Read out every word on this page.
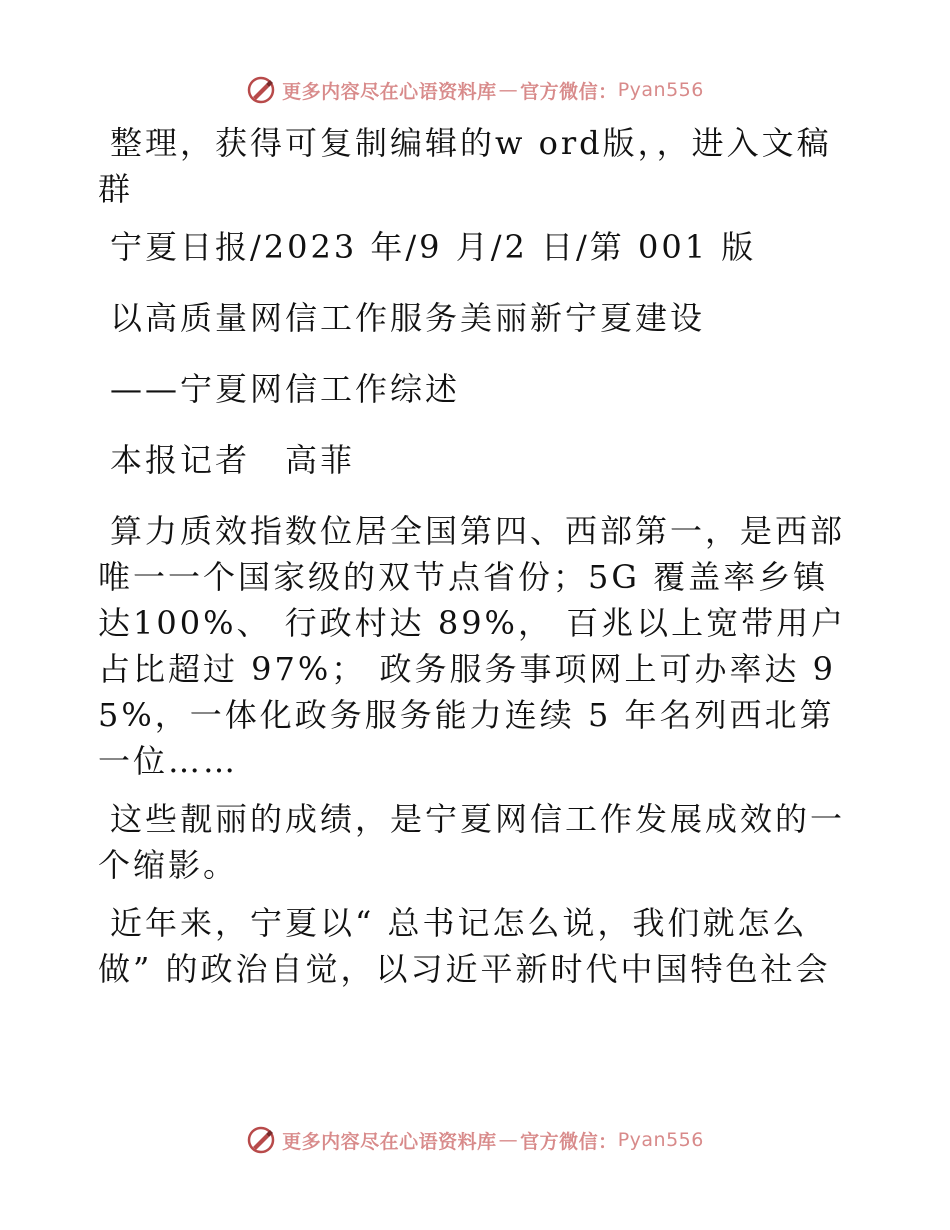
更多内容尽在心语资料库 — 官方微信： Pyan556

整理，获得可复制编辑的w ord版，，进入文稿群

宁夏日报/2023 年/9 月/2 日/第 001 版

以高质量网信工作服务美丽新宁夏建设

——宁夏网信工作综述

本报记者　高菲

算力质效指数位居全国第四、西部第一，是西部唯一一个国家级的双节点省份；5G 覆盖率乡镇达100%、 行政村达 89%， 百兆以上宽带用户占比超过 97%； 政务服务事项网上可办率达 95%，一体化政务服务能力连续 5 年名列西北第一位……

这些靓丽的成绩，是宁夏网信工作发展成效的一个缩影。

近年来，宁夏以“ 总书记怎么说，我们就怎么做” 的政治自觉，以习近平新时代中国特色社会

更多内容尽在心语资料库 — 官方微信： Pyan556
